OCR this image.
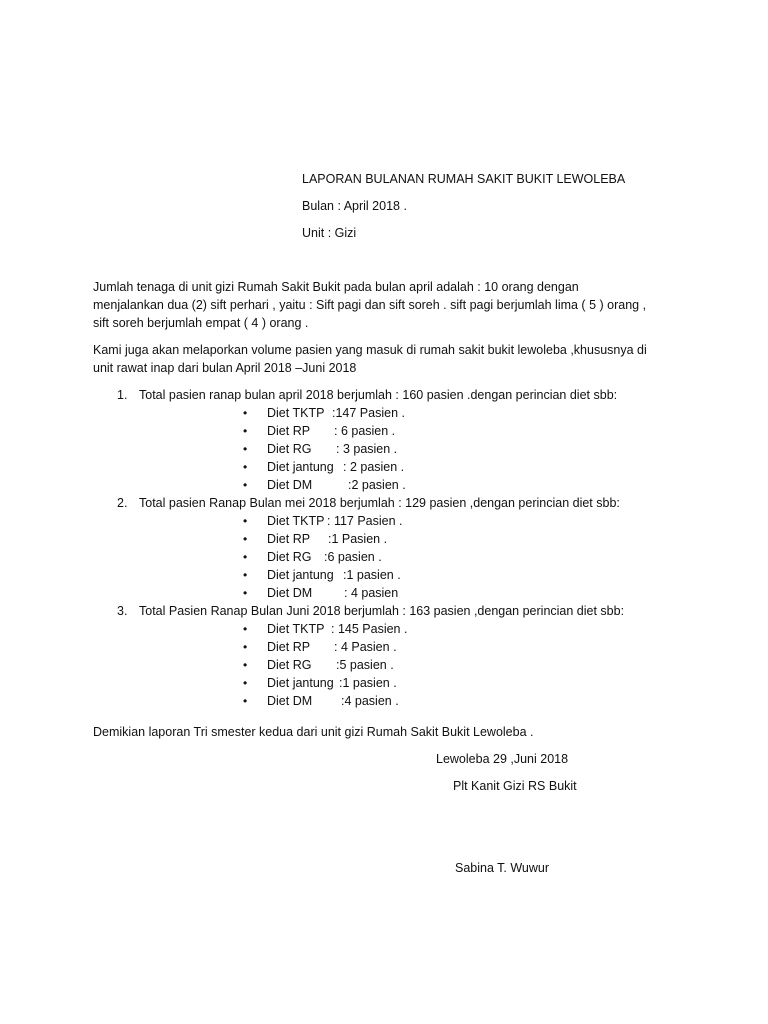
LAPORAN BULANAN RUMAH SAKIT BUKIT LEWOLEBA
Bulan : April 2018 .
Unit : Gizi
Jumlah tenaga di unit gizi Rumah Sakit Bukit pada bulan april adalah : 10 orang dengan
menjalankan dua (2) sift perhari , yaitu : Sift pagi dan sift soreh . sift pagi berjumlah lima ( 5 ) orang ,
sift soreh berjumlah empat ( 4 ) orang .
Kami juga akan melaporkan volume pasien yang masuk di rumah sakit bukit lewoleba ,khususnya di
unit rawat inap dari bulan April 2018 –Juni 2018
1. Total pasien ranap bulan april 2018 berjumlah : 160 pasien .dengan perincian diet sbb:
• Diet TKTP :147 Pasien .
• Diet RP : 6 pasien .
• Diet RG : 3 pasien .
• Diet jantung : 2 pasien .
• Diet DM	:2 pasien .
2. Total pasien Ranap Bulan mei 2018 berjumlah : 129 pasien ,dengan perincian diet sbb:
• Diet TKTP : 117 Pasien .
• Diet RP :1 Pasien .
• Diet RG :6 pasien .
• Diet jantung :1 pasien .
• Diet DM	: 4 pasien
3. Total Pasien Ranap Bulan Juni 2018 berjumlah : 163 pasien ,dengan perincian diet sbb:
• Diet TKTP : 145 Pasien .
• Diet RP : 4 Pasien .
• Diet RG :5 pasien .
• Diet jantung :1 pasien .
• Diet DM :4 pasien .
Demikian laporan Tri smester kedua dari unit gizi Rumah Sakit Bukit Lewoleba .
Lewoleba 29 ,Juni 2018
Plt Kanit Gizi RS Bukit
Sabina T. Wuwur
